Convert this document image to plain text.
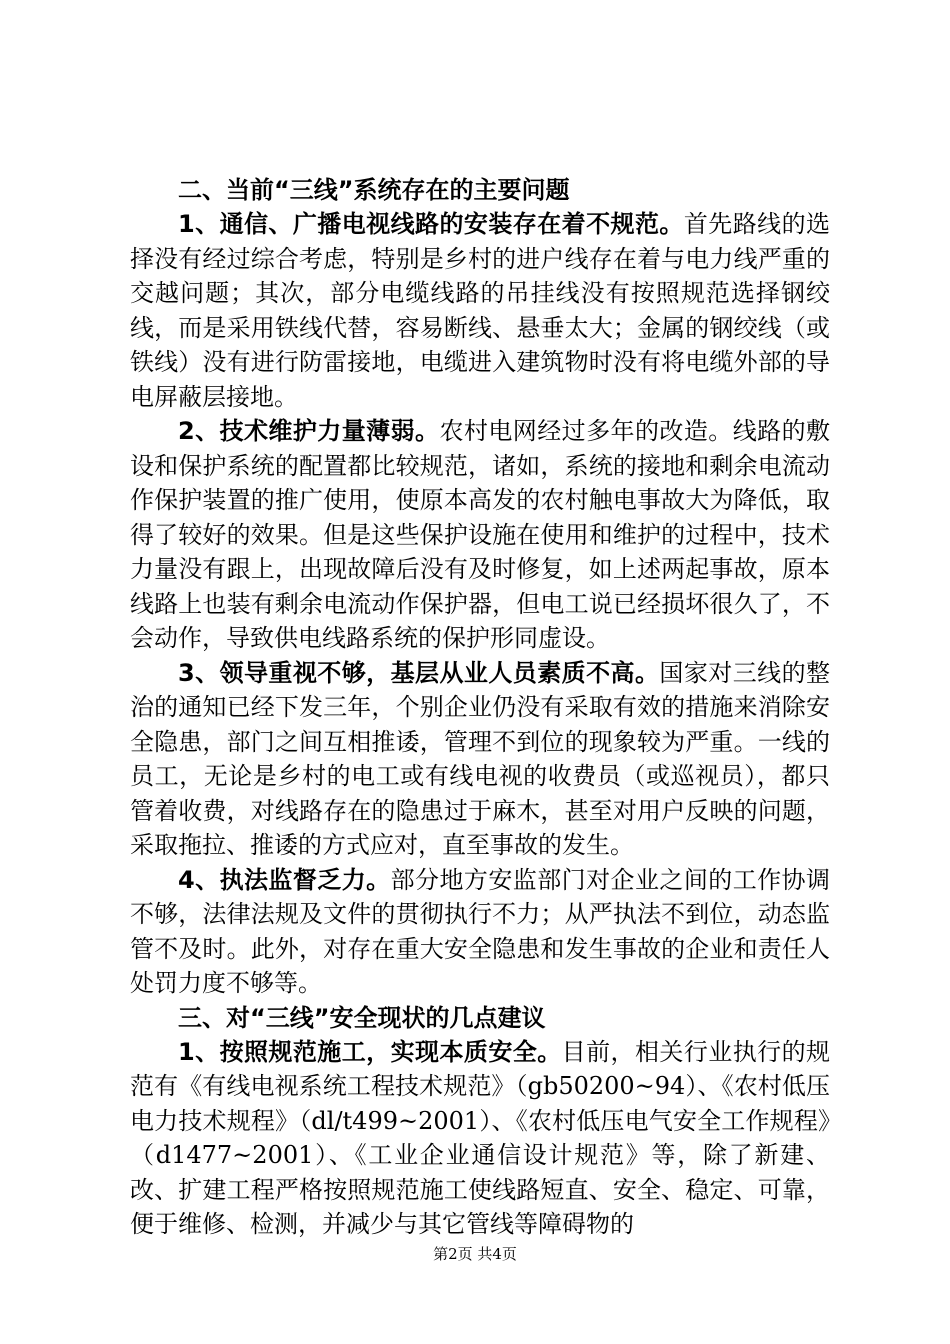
二、当前“三线”系统存在的主要问题

1、通信、广播电视线路的安装存在着不规范。首先路线的选择没有经过综合考虑，特别是乡村的进户线存在着与电力线严重的交越问题；其次，部分电缆线路的吊挂线没有按照规范选择钢绞线，而是采用铁线代替，容易断线、悬垂太大；金属的钢绞线（或铁线）没有进行防雷接地，电缆进入建筑物时没有将电缆外部的导电屏蔽层接地。

2、技术维护力量薄弱。农村电网经过多年的改造。线路的敷设和保护系统的配置都比较规范，诸如，系统的接地和剩余电流动作保护装置的推广使用，使原本高发的农村触电事故大为降低，取得了较好的效果。但是这些保护设施在使用和维护的过程中，技术力量没有跟上，出现故障后没有及时修复，如上述两起事故，原本线路上也装有剩余电流动作保护器，但电工说已经损坏很久了，不会动作，导致供电线路系统的保护形同虚设。

3、领导重视不够，基层从业人员素质不高。国家对三线的整治的通知已经下发三年，个别企业仍没有采取有效的措施来消除安全隐患，部门之间互相推诿，管理不到位的现象较为严重。一线的员工，无论是乡村的电工或有线电视的收费员（或巡视员），都只管着收费，对线路存在的隐患过于麻木，甚至对用户反映的问题，采取拖拉、推诿的方式应对，直至事故的发生。

4、执法监督乏力。部分地方安监部门对企业之间的工作协调不够，法律法规及文件的贯彻执行不力；从严执法不到位，动态监管不及时。此外，对存在重大安全隐患和发生事故的企业和责任人处罚力度不够等。

三、对“三线”安全现状的几点建议

1、按照规范施工，实现本质安全。目前，相关行业执行的规范有《有线电视系统工程技术规范》（gb50200~94）、《农村低压电力技术规程》（dl/t499~2001）、《农村低压电气安全工作规程》（d1477~2001）、《工业企业通信设计规范》等，除了新建、改、扩建工程严格按照规范施工使线路短直、安全、稳定、可靠，便于维修、检测，并减少与其它管线等障碍物的

第2页 共4页
